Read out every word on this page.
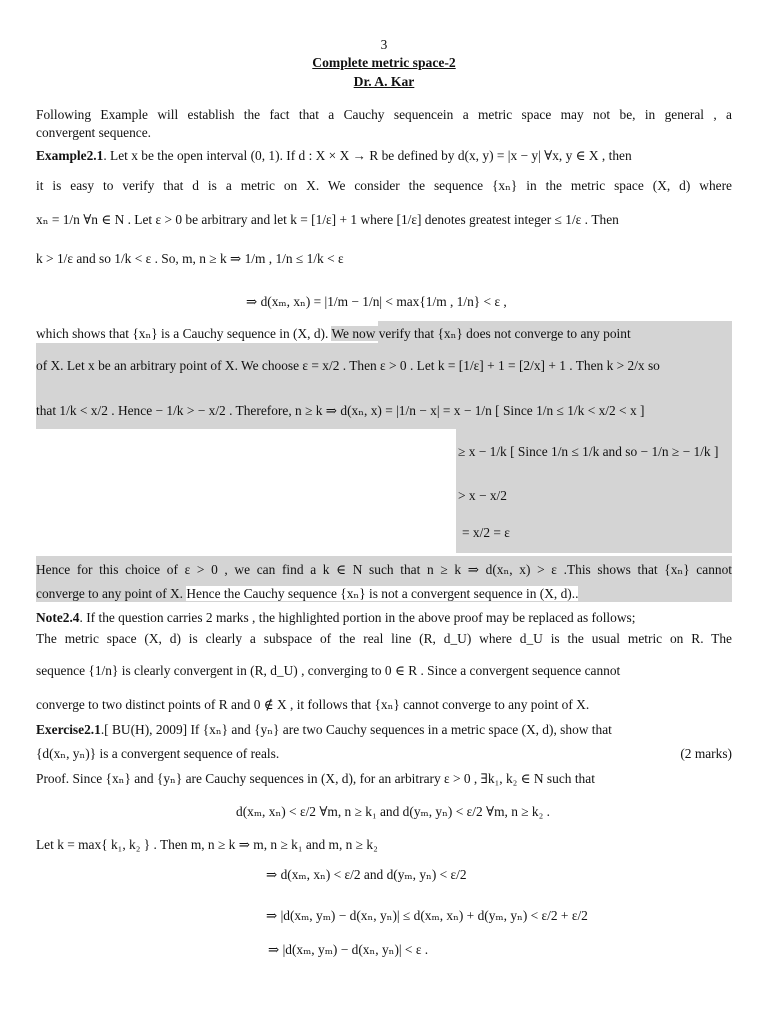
3
Complete metric space-2
Dr. A. Kar
Following Example will establish the fact that a Cauchy sequencein a metric space may not be, in general , a
convergent sequence.
Example2.1. Let x be the open interval (0, 1). If d : X × X → R be defined by d(x, y) = |x − y| ∀x, y ∈ X , then
it is easy to verify that d is a metric on X. We consider the sequence {xₙ} in the metric space (X, d) where
xₙ = 1/n ∀n ∈ N . Let ε > 0 be arbitrary and let k = [1/ε] + 1 where [1/ε] denotes greatest integer ≤ 1/ε . Then
k > 1/ε and so 1/k < ε . So, m, n ≥ k ⇒ 1/m , 1/n ≤ 1/k < ε
⇒ d(xₘ, xₙ) = |1/m − 1/n| < max{1/m , 1/n} < ε ,
which shows that {xₙ} is a Cauchy sequence in (X, d). We now verify that {xₙ} does not converge to any point
of X. Let x be an arbitrary point of X. We choose ε = x/2 . Then ε > 0 . Let k = [1/ε] + 1 = [2/x] + 1 . Then k > 2/x so
that 1/k < x/2 . Hence − 1/k > − x/2 . Therefore, n ≥ k ⇒ d(xₙ, x) = |1/n − x| = x − 1/n [ Since 1/n ≤ 1/k < x/2 < x ]
≥ x − 1/k [ Since 1/n ≤ 1/k and so − 1/n ≥ − 1/k ]
> x − x/2
= x/2 = ε
Hence for this choice of ε > 0 , we can find a k ∈ N such that n ≥ k ⇒ d(xₙ, x) > ε .This shows that {xₙ} cannot
converge to any point of X. Hence the Cauchy sequence {xₙ} is not a convergent sequence in (X, d)..
Note2.4. If the question carries 2 marks , the highlighted portion in the above proof may be replaced as follows;
The metric space (X, d) is clearly a subspace of the real line (R, d_U) where d_U is the usual metric on R. The
sequence {1/n} is clearly convergent in (R, d_U) , converging to 0 ∈ R . Since a convergent sequence cannot
converge to two distinct points of R and 0 ∉ X , it follows that {xₙ} cannot converge to any point of X.
Exercise2.1.[ BU(H), 2009] If {xₙ} and {yₙ} are two Cauchy sequences in a metric space (X, d), show that
{d(xₙ, yₙ)} is a convergent sequence of reals.	(2 marks)
Proof. Since {xₙ} and {yₙ} are Cauchy sequences in (X, d), for an arbitrary ε > 0 , ∃k₁, k₂ ∈ N such that
d(xₘ, xₙ) < ε/2 ∀m, n ≥ k₁ and d(yₘ, yₙ) < ε/2 ∀m, n ≥ k₂ .
Let k = max{ k₁, k₂ } . Then m, n ≥ k ⇒ m, n ≥ k₁ and m, n ≥ k₂
⇒ d(xₘ, xₙ) < ε/2 and d(yₘ, yₙ) < ε/2
⇒ |d(xₘ, yₘ) − d(xₙ, yₙ)| ≤ d(xₘ, xₙ) + d(yₘ, yₙ) < ε/2 + ε/2
⇒ |d(xₘ, yₘ) − d(xₙ, yₙ)| < ε .
